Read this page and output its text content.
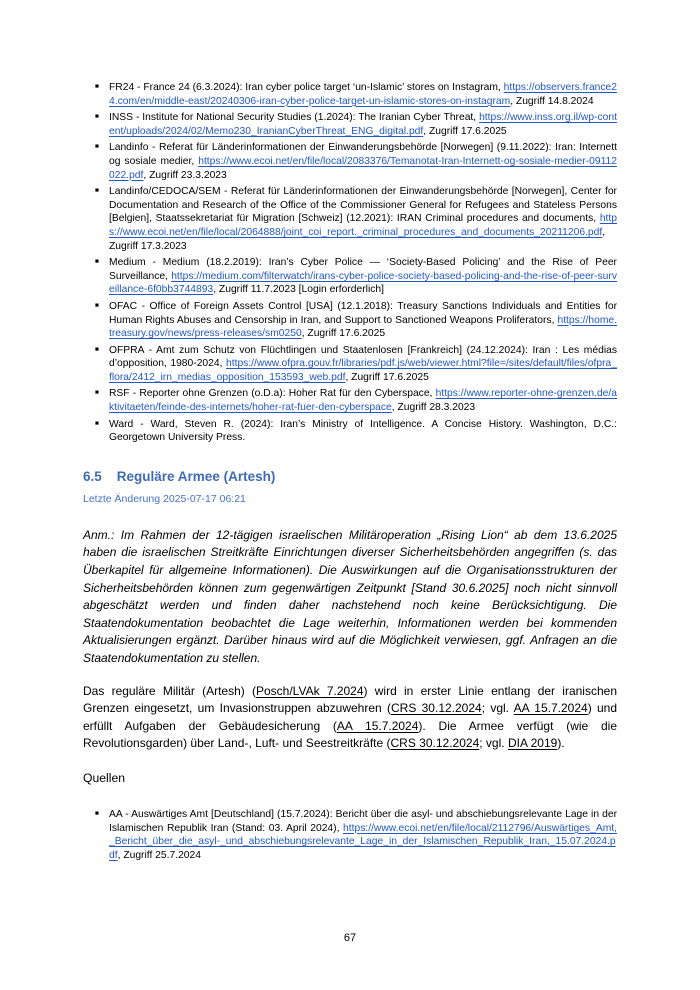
■ FR24 - France 24 (6.3.2024): Iran cyber police target ‘un-Islamic’ stores on Instagram, https://observers.france24.com/en/middle-east/20240306-iran-cyber-police-target-un-islamic-stores-on-instagram, Zugriff 14.8.2024
■ INSS - Institute for National Security Studies (1.2024): The Iranian Cyber Threat, https://www.inss.org.il/wp-content/uploads/2024/02/Memo230_IranianCyberThreat_ENG_digital.pdf, Zugriff 17.6.2025
■ Landinfo - Referat für Länderinformationen der Einwanderungsbehörde [Norwegen] (9.11.2022): Iran: Internett og sosiale medier, https://www.ecoi.net/en/file/local/2083376/Temanotat-Iran-Internett-og-sosiale-medier-09112022.pdf, Zugriff 23.3.2023
■ Landinfo/CEDOCA/SEM - Referat für Länderinformationen der Einwanderungsbehörde [Norwegen], Center for Documentation and Research of the Office of the Commissioner General for Refugees and Stateless Persons [Belgien], Staatssekretariat für Migration [Schweiz] (12.2021): IRAN Criminal procedures and documents, https://www.ecoi.net/en/file/local/2064888/joint_coi_report._criminal_procedures_and_documents_20211206.pdf, Zugriff 17.3.2023
■ Medium - Medium (18.2.2019): Iran’s Cyber Police — ‘Society-Based Policing’ and the Rise of Peer Surveillance, https://medium.com/filterwatch/irans-cyber-police-society-based-policing-and-the-rise-of-peer-surveillance-6f0bb3744893, Zugriff 11.7.2023 [Login erforderlich]
■ OFAC - Office of Foreign Assets Control [USA] (12.1.2018): Treasury Sanctions Individuals and Entities for Human Rights Abuses and Censorship in Iran, and Support to Sanctioned Weapons Proliferators, https://home.treasury.gov/news/press-releases/sm0250, Zugriff 17.6.2025
■ OFPRA - Amt zum Schutz von Flüchtlingen und Staatenlosen [Frankreich] (24.12.2024): Iran : Les médias d’opposition, 1980-2024, https://www.ofpra.gouv.fr/libraries/pdf.js/web/viewer.html?file=/sites/default/files/ofpra_flora/2412_irn_medias_opposition_153593_web.pdf, Zugriff 17.6.2025
■ RSF - Reporter ohne Grenzen (o.D.a): Hoher Rat für den Cyberspace, https://www.reporter-ohne-grenzen.de/aktivitaeten/feinde-des-internets/hoher-rat-fuer-den-cyberspace, Zugriff 28.3.2023
■ Ward - Ward, Steven R. (2024): Iran’s Ministry of Intelligence. A Concise History. Washington, D.C.: Georgetown University Press.
6.5 Reguläre Armee (Artesh)
Letzte Änderung 2025-07-17 06:21

Anm.: Im Rahmen der 12-tägigen israelischen Militäroperation „Rising Lion“ ab dem 13.6.2025 haben die israelischen Streitkräfte Einrichtungen diverser Sicherheitsbehörden angegriffen (s. das Überkapitel für allgemeine Informationen). Die Auswirkungen auf die Organisationsstrukturen der Sicherheitsbehörden können zum gegenwärtigen Zeitpunkt [Stand 30.6.2025] noch nicht sinnvoll abgeschätzt werden und finden daher nachstehend noch keine Berücksichtigung. Die Staatendokumentation beobachtet die Lage weiterhin, Informationen werden bei kommenden Aktualisierungen ergänzt. Darüber hinaus wird auf die Möglichkeit verwiesen, ggf. Anfragen an die Staatendokumentation zu stellen.

Das reguläre Militär (Artesh) (Posch/LVAk 7.2024) wird in erster Linie entlang der iranischen Grenzen eingesetzt, um Invasionstruppen abzuwehren (CRS 30.12.2024; vgl. AA 15.7.2024) und erfüllt Aufgaben der Gebäudesicherung (AA 15.7.2024). Die Armee verfügt (wie die Revolutionsgarden) über Land-, Luft- und Seestreitkräfte (CRS 30.12.2024; vgl. DIA 2019).

Quellen
■ AA - Auswärtiges Amt [Deutschland] (15.7.2024): Bericht über die asyl- und abschiebungsrelevante Lage in der Islamischen Republik Iran (Stand: 03. April 2024), https://www.ecoi.net/en/file/local/2112796/Auswärtiges_Amt,_Bericht_über_die_asyl-_und_abschiebungsrelevante_Lage_in_der_Islamischen_Republik_Iran,_15.07.2024.pdf, Zugriff 25.7.2024
67
